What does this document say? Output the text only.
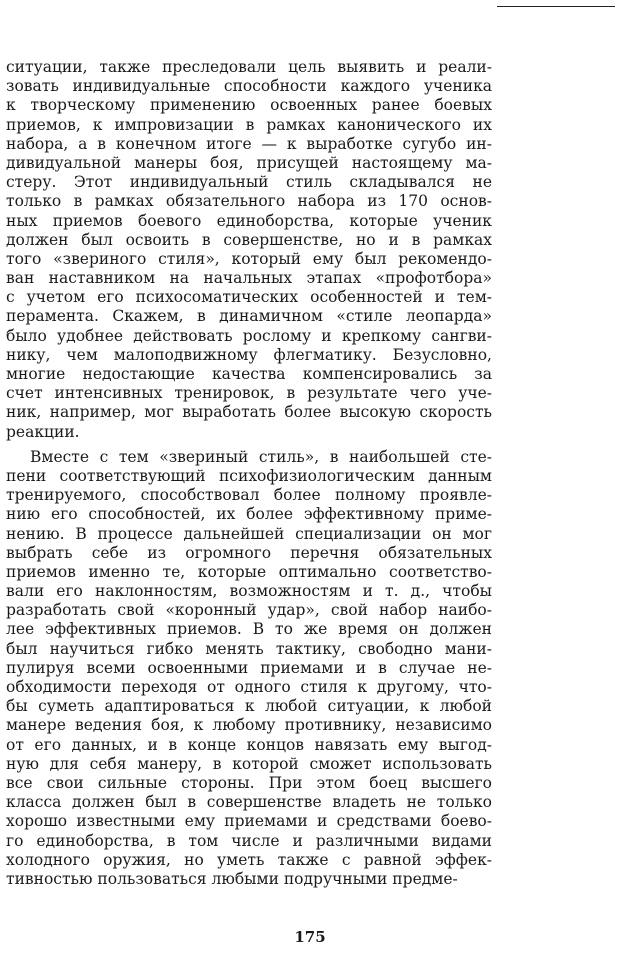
ситуации, также преследовали цель выявить и реали-
зовать индивидуальные способности каждого ученика
к творческому применению освоенных ранее боевых
приемов, к импровизации в рамках канонического их
набора, а в конечном итоге — к выработке сугубо ин-
дивидуальной манеры боя, присущей настоящему ма-
стеру. Этот индивидуальный стиль складывался не
только в рамках обязательного набора из 170 основ-
ных приемов боевого единоборства, которые ученик
должен был освоить в совершенстве, но и в рамках
того «звериного стиля», который ему был рекомендо-
ван наставником на начальных этапах «профотбора»
с учетом его психосоматических особенностей и тем-
перамента. Скажем, в динамичном «стиле леопарда»
было удобнее действовать рослому и крепкому сангви-
нику, чем малоподвижному флегматику. Безусловно,
многие недостающие качества компенсировались за
счет интенсивных тренировок, в результате чего уче-
ник, например, мог выработать более высокую скорость
реакции.
Вместе с тем «звериный стиль», в наибольшей сте-
пени соответствующий психофизиологическим данным
тренируемого, способствовал более полному проявле-
нию его способностей, их более эффективному приме-
нению. В процессе дальнейшей специализации он мог
выбрать себе из огромного перечня обязательных
приемов именно те, которые оптимально соответство-
вали его наклонностям, возможностям и т. д., чтобы
разработать свой «коронный удар», свой набор наибо-
лее эффективных приемов. В то же время он должен
был научиться гибко менять тактику, свободно мани-
пулируя всеми освоенными приемами и в случае не-
обходимости переходя от одного стиля к другому, что-
бы суметь адаптироваться к любой ситуации, к любой
манере ведения боя, к любому противнику, независимо
от его данных, и в конце концов навязать ему выгод-
ную для себя манеру, в которой сможет использовать
все свои сильные стороны. При этом боец высшего
класса должен был в совершенстве владеть не только
хорошо известными ему приемами и средствами боево-
го единоборства, в том числе и различными видами
холодного оружия, но уметь также с равной эффек-
тивностью пользоваться любыми подручными предме-
175
